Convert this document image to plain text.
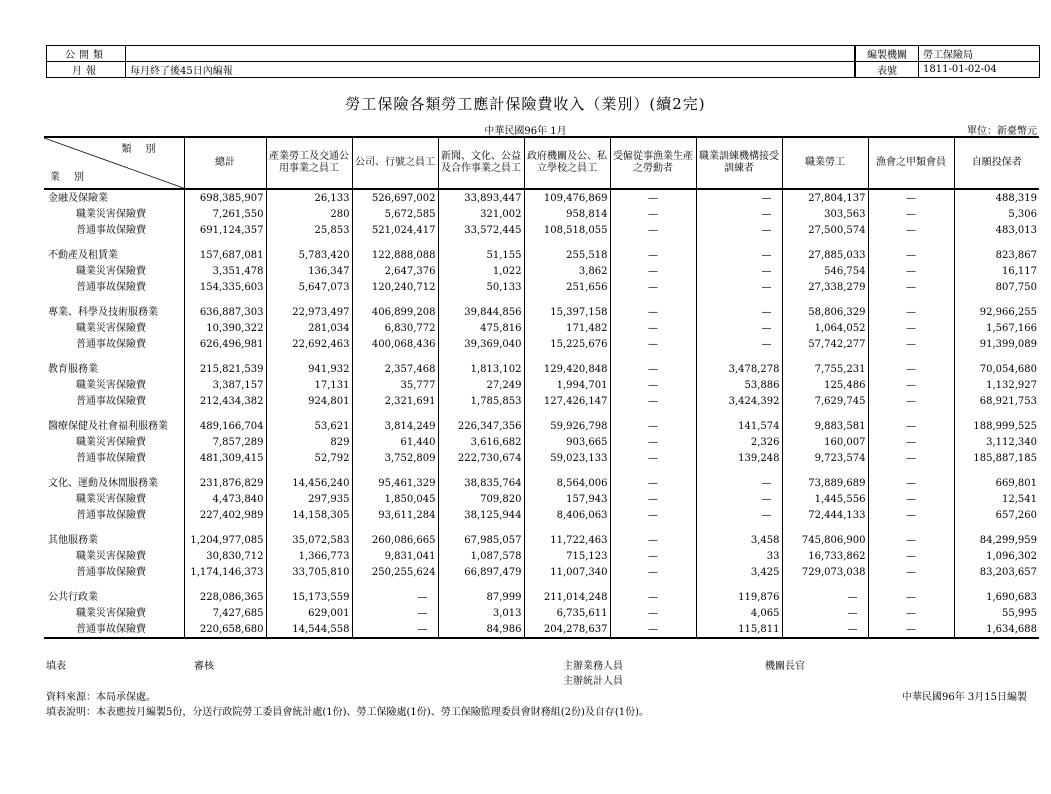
公開類	
月報	每月終了後45日內編報
編製機關	勞工保險局
表號	1811-01-02-04
勞工保險各類勞工應計保險費收入（業別）(續2完)
中華民國96年 1月	單位：新臺幣元
類別
業別	總計	產業勞工及交通公用事業之員工	公司、行號之員工	新聞、文化、公益及合作事業之員工	政府機關及公、私立學校之員工	受僱從事漁業生產之勞動者	職業訓練機構接受訓練者	職業勞工	漁會之甲類會員	自願投保者
金融及保險業	698,385,907	26,133	526,697,002	33,893,447	109,476,869	—	—	27,804,137	—	488,319
職業災害保險費	7,261,550	280	5,672,585	321,002	958,814	—	—	303,563	—	5,306
普通事故保險費	691,124,357	25,853	521,024,417	33,572,445	108,518,055	—	—	27,500,574	—	483,013

不動產及租賃業	157,687,081	5,783,420	122,888,088	51,155	255,518	—	—	27,885,033	—	823,867
職業災害保險費	3,351,478	136,347	2,647,376	1,022	3,862	—	—	546,754	—	16,117
普通事故保險費	154,335,603	5,647,073	120,240,712	50,133	251,656	—	—	27,338,279	—	807,750

專業、科學及技術服務業	636,887,303	22,973,497	406,899,208	39,844,856	15,397,158	—	—	58,806,329	—	92,966,255
職業災害保險費	10,390,322	281,034	6,830,772	475,816	171,482	—	—	1,064,052	—	1,567,166
普通事故保險費	626,496,981	22,692,463	400,068,436	39,369,040	15,225,676	—	—	57,742,277	—	91,399,089

教育服務業	215,821,539	941,932	2,357,468	1,813,102	129,420,848	—	3,478,278	7,755,231	—	70,054,680
職業災害保險費	3,387,157	17,131	35,777	27,249	1,994,701	—	53,886	125,486	—	1,132,927
普通事故保險費	212,434,382	924,801	2,321,691	1,785,853	127,426,147	—	3,424,392	7,629,745	—	68,921,753

醫療保健及社會福利服務業	489,166,704	53,621	3,814,249	226,347,356	59,926,798	—	141,574	9,883,581	—	188,999,525
職業災害保險費	7,857,289	829	61,440	3,616,682	903,665	—	2,326	160,007	—	3,112,340
普通事故保險費	481,309,415	52,792	3,752,809	222,730,674	59,023,133	—	139,248	9,723,574	—	185,887,185

文化、運動及休閒服務業	231,876,829	14,456,240	95,461,329	38,835,764	8,564,006	—	—	73,889,689	—	669,801
職業災害保險費	4,473,840	297,935	1,850,045	709,820	157,943	—	—	1,445,556	—	12,541
普通事故保險費	227,402,989	14,158,305	93,611,284	38,125,944	8,406,063	—	—	72,444,133	—	657,260

其他服務業	1,204,977,085	35,072,583	260,086,665	67,985,057	11,722,463	—	3,458	745,806,900	—	84,299,959
職業災害保險費	30,830,712	1,366,773	9,831,041	1,087,578	715,123	—	33	16,733,862	—	1,096,302
普通事故保險費	1,174,146,373	33,705,810	250,255,624	66,897,479	11,007,340	—	3,425	729,073,038	—	83,203,657

公共行政業	228,086,365	15,173,559	—	87,999	211,014,248	—	119,876	—	—	1,690,683
職業災害保險費	7,427,685	629,001	—	3,013	6,735,611	—	4,065	—	—	55,995
普通事故保險費	220,658,680	14,544,558	—	84,986	204,278,637	—	115,811	—	—	1,634,688
填表	審核	主辦業務人員	機關長官
主辦統計人員
資料來源：本局承保處。	中華民國96年 3月15日編製
填表說明：本表應按月編製5份，分送行政院勞工委員會統計處(1份)、勞工保險處(1份)、勞工保險監理委員會財務組(2份)及自存(1份)。
